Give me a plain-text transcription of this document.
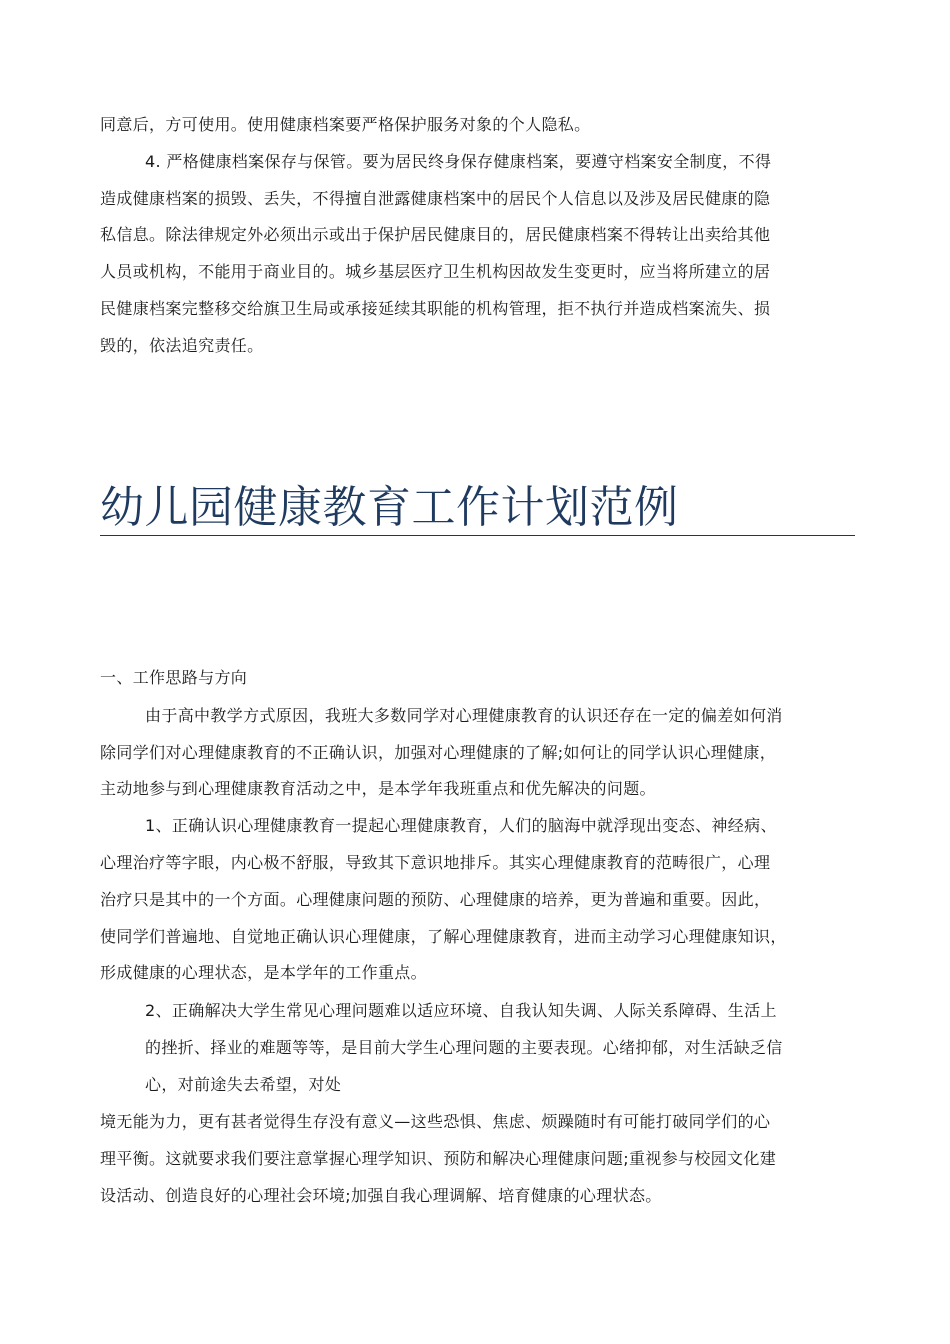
同意后，方可使用。使用健康档案要严格保护服务对象的个人隐私。

4. 严格健康档案保存与保管。要为居民终身保存健康档案，要遵守档案安全制度，不得

造成健康档案的损毁、丢失，不得擅自泄露健康档案中的居民个人信息以及涉及居民健康的隐

私信息。除法律规定外必须出示或出于保护居民健康目的，居民健康档案不得转让出卖给其他

人员或机构，不能用于商业目的。城乡基层医疗卫生机构因故发生变更时，应当将所建立的居

民健康档案完整移交给旗卫生局或承接延续其职能的机构管理，拒不执行并造成档案流失、损

毁的，依法追究责任。

幼儿园健康教育工作计划范例

一、工作思路与方向

由于高中教学方式原因，我班大多数同学对心理健康教育的认识还存在一定的偏差如何消

除同学们对心理健康教育的不正确认识，加强对心理健康的了解;如何让的同学认识心理健康，

主动地参与到心理健康教育活动之中，是本学年我班重点和优先解决的问题。

1、正确认识心理健康教育一提起心理健康教育，人们的脑海中就浮现出变态、神经病、

心理治疗等字眼，内心极不舒服，导致其下意识地排斥。其实心理健康教育的范畴很广，心理

治疗只是其中的一个方面。心理健康问题的预防、心理健康的培养，更为普遍和重要。因此，

使同学们普遍地、自觉地正确认识心理健康，了解心理健康教育，进而主动学习心理健康知识，

形成健康的心理状态，是本学年的工作重点。

2、正确解决大学生常见心理问题难以适应环境、自我认知失调、人际关系障碍、生活上

的挫折、择业的难题等等，是目前大学生心理问题的主要表现。心绪抑郁，对生活缺乏信

心，对前途失去希望，对处

境无能为力，更有甚者觉得生存没有意义—这些恐惧、焦虑、烦躁随时有可能打破同学们的心

理平衡。这就要求我们要注意掌握心理学知识、预防和解决心理健康问题;重视参与校园文化建

设活动、创造良好的心理社会环境;加强自我心理调解、培育健康的心理状态。
